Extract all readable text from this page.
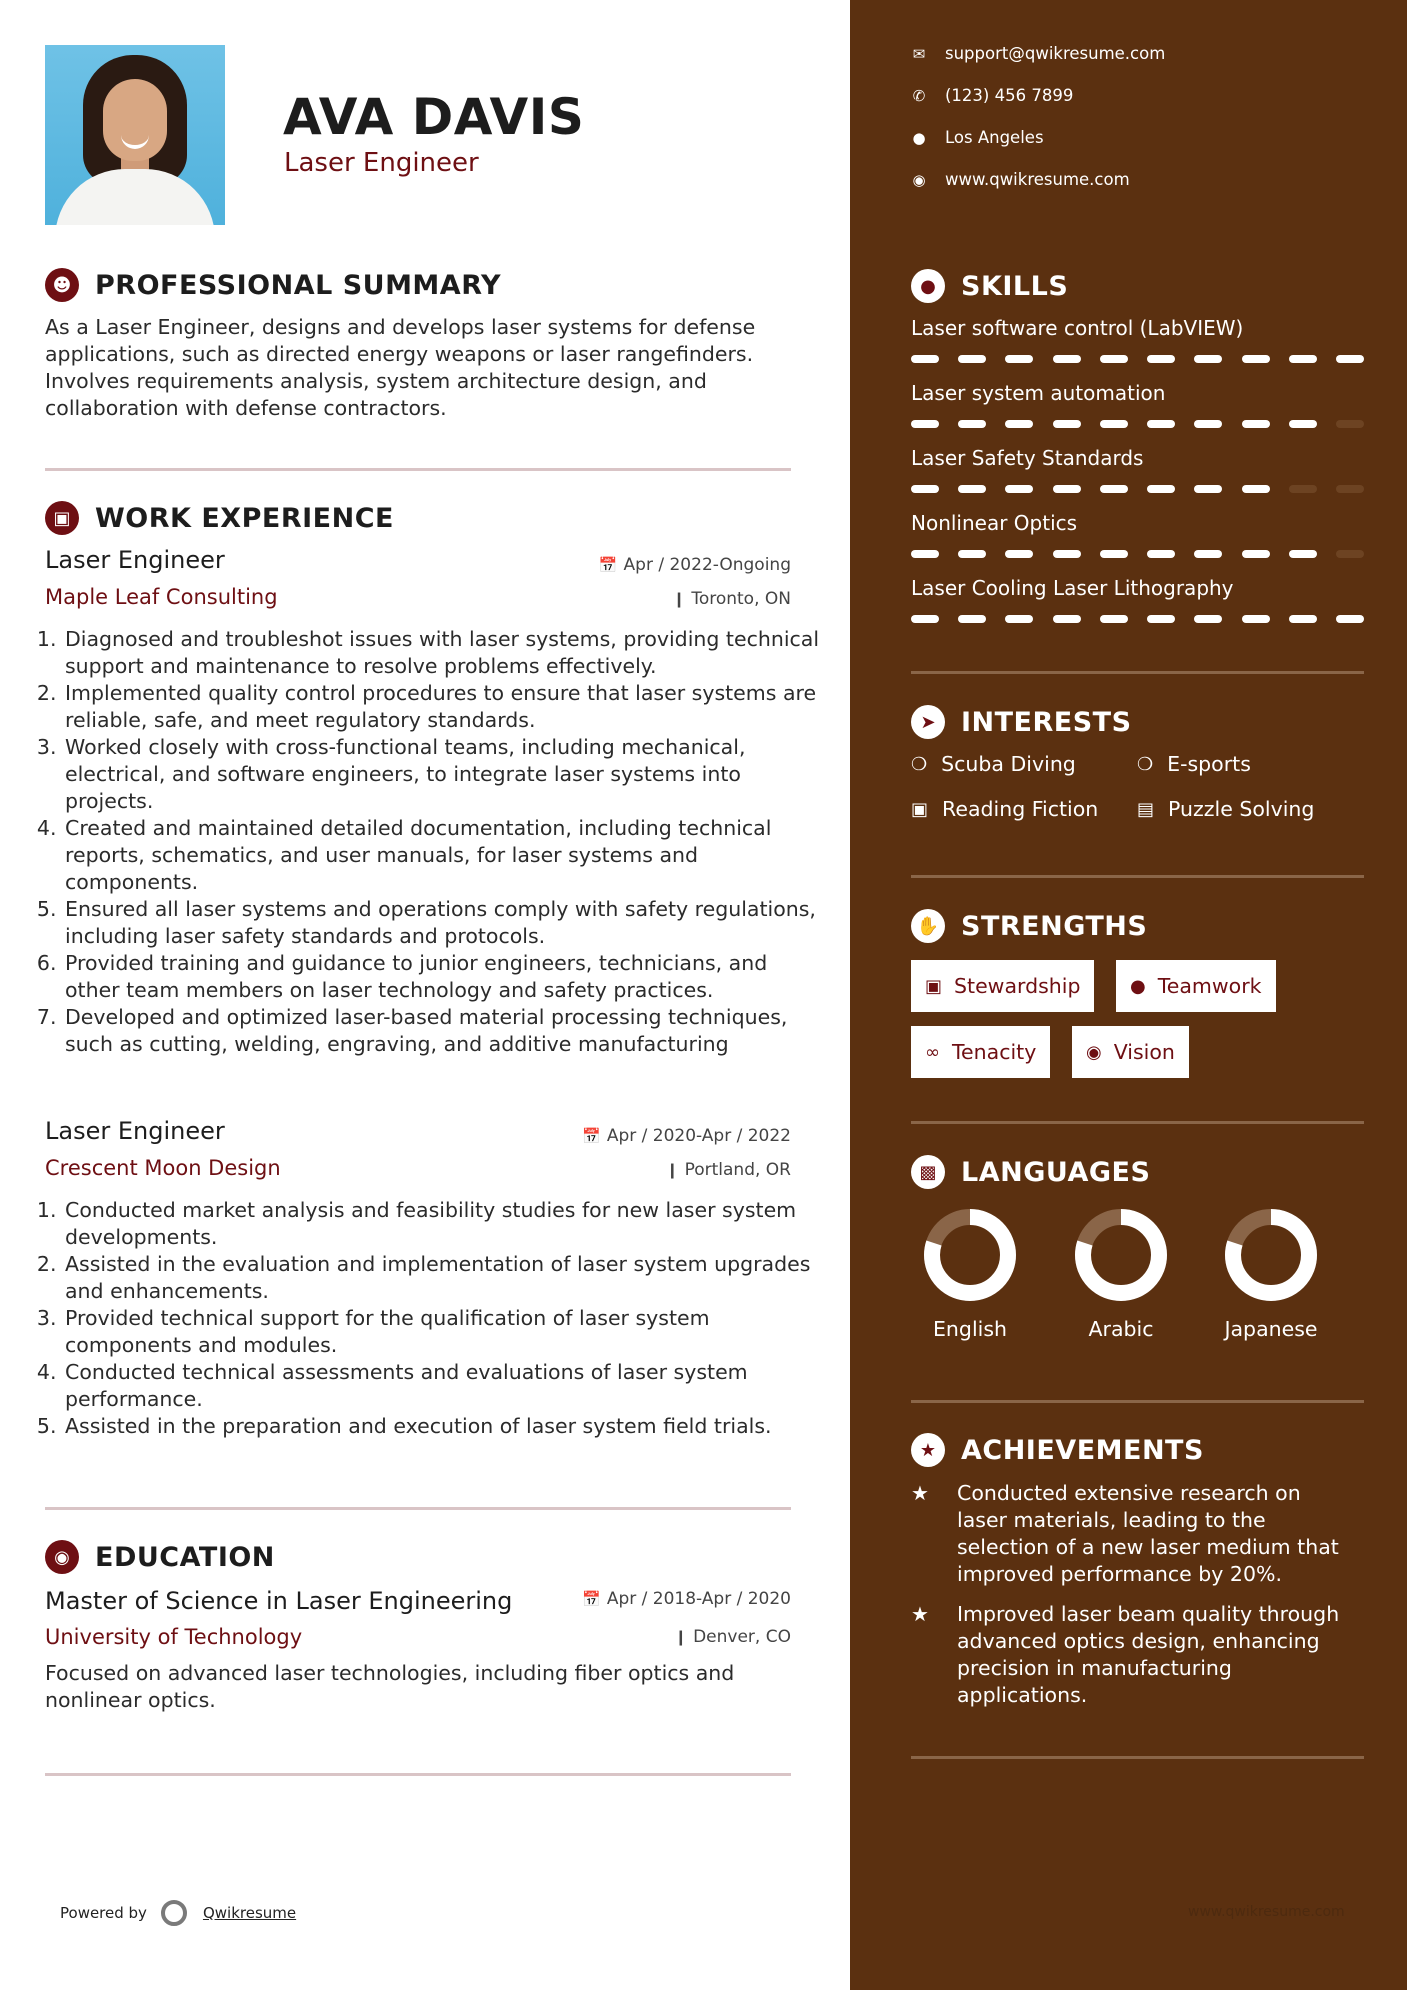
AVA DAVIS
Laser Engineer
☻ PROFESSIONAL SUMMARY
As a Laser Engineer, designs and develops laser systems for defense applications, such as directed energy weapons or laser rangefinders. Involves requirements analysis, system architecture design, and collaboration with defense contractors.
▣ WORK EXPERIENCE
Laser Engineer	📅 Apr / 2022-Ongoing
Maple Leaf Consulting	❙ Toronto, ON
1. Diagnosed and troubleshot issues with laser systems, providing technical support and maintenance to resolve problems effectively.
2. Implemented quality control procedures to ensure that laser systems are reliable, safe, and meet regulatory standards.
3. Worked closely with cross-functional teams, including mechanical, electrical, and software engineers, to integrate laser systems into projects.
4. Created and maintained detailed documentation, including technical reports, schematics, and user manuals, for laser systems and components.
5. Ensured all laser systems and operations comply with safety regulations, including laser safety standards and protocols.
6. Provided training and guidance to junior engineers, technicians, and other team members on laser technology and safety practices.
7. Developed and optimized laser-based material processing techniques, such as cutting, welding, engraving, and additive manufacturing
Laser Engineer	📅 Apr / 2020-Apr / 2022
Crescent Moon Design	❙ Portland, OR
1. Conducted market analysis and feasibility studies for new laser system developments.
2. Assisted in the evaluation and implementation of laser system upgrades and enhancements.
3. Provided technical support for the qualification of laser system components and modules.
4. Conducted technical assessments and evaluations of laser system performance.
5. Assisted in the preparation and execution of laser system field trials.
◉ EDUCATION
Master of Science in Laser Engineering	📅 Apr / 2018-Apr / 2020
University of Technology	❙ Denver, CO
Focused on advanced laser technologies, including fiber optics and nonlinear optics.
Powered by	Qwikresume
✉ support@qwikresume.com
✆ (123) 456 7899
● Los Angeles
◉ www.qwikresume.com
● SKILLS
Laser software control (LabVIEW)
Laser system automation
Laser Safety Standards
Nonlinear Optics
Laser Cooling Laser Lithography
➤ INTERESTS
❍ Scuba Diving	❍ E-sports
▣ Reading Fiction ▤ Puzzle Solving
✋ STRENGTHS
▣ Stewardship	● Teamwork
∞ Tenacity	◉ Vision
▩ LANGUAGES
English	Arabic	Japanese
★ ACHIEVEMENTS
★	Conducted extensive research on laser materials, leading to the selection of a new laser medium that improved performance by 20%.
★	Improved laser beam quality through advanced optics design, enhancing precision in manufacturing applications.
www.qwikresume.com
